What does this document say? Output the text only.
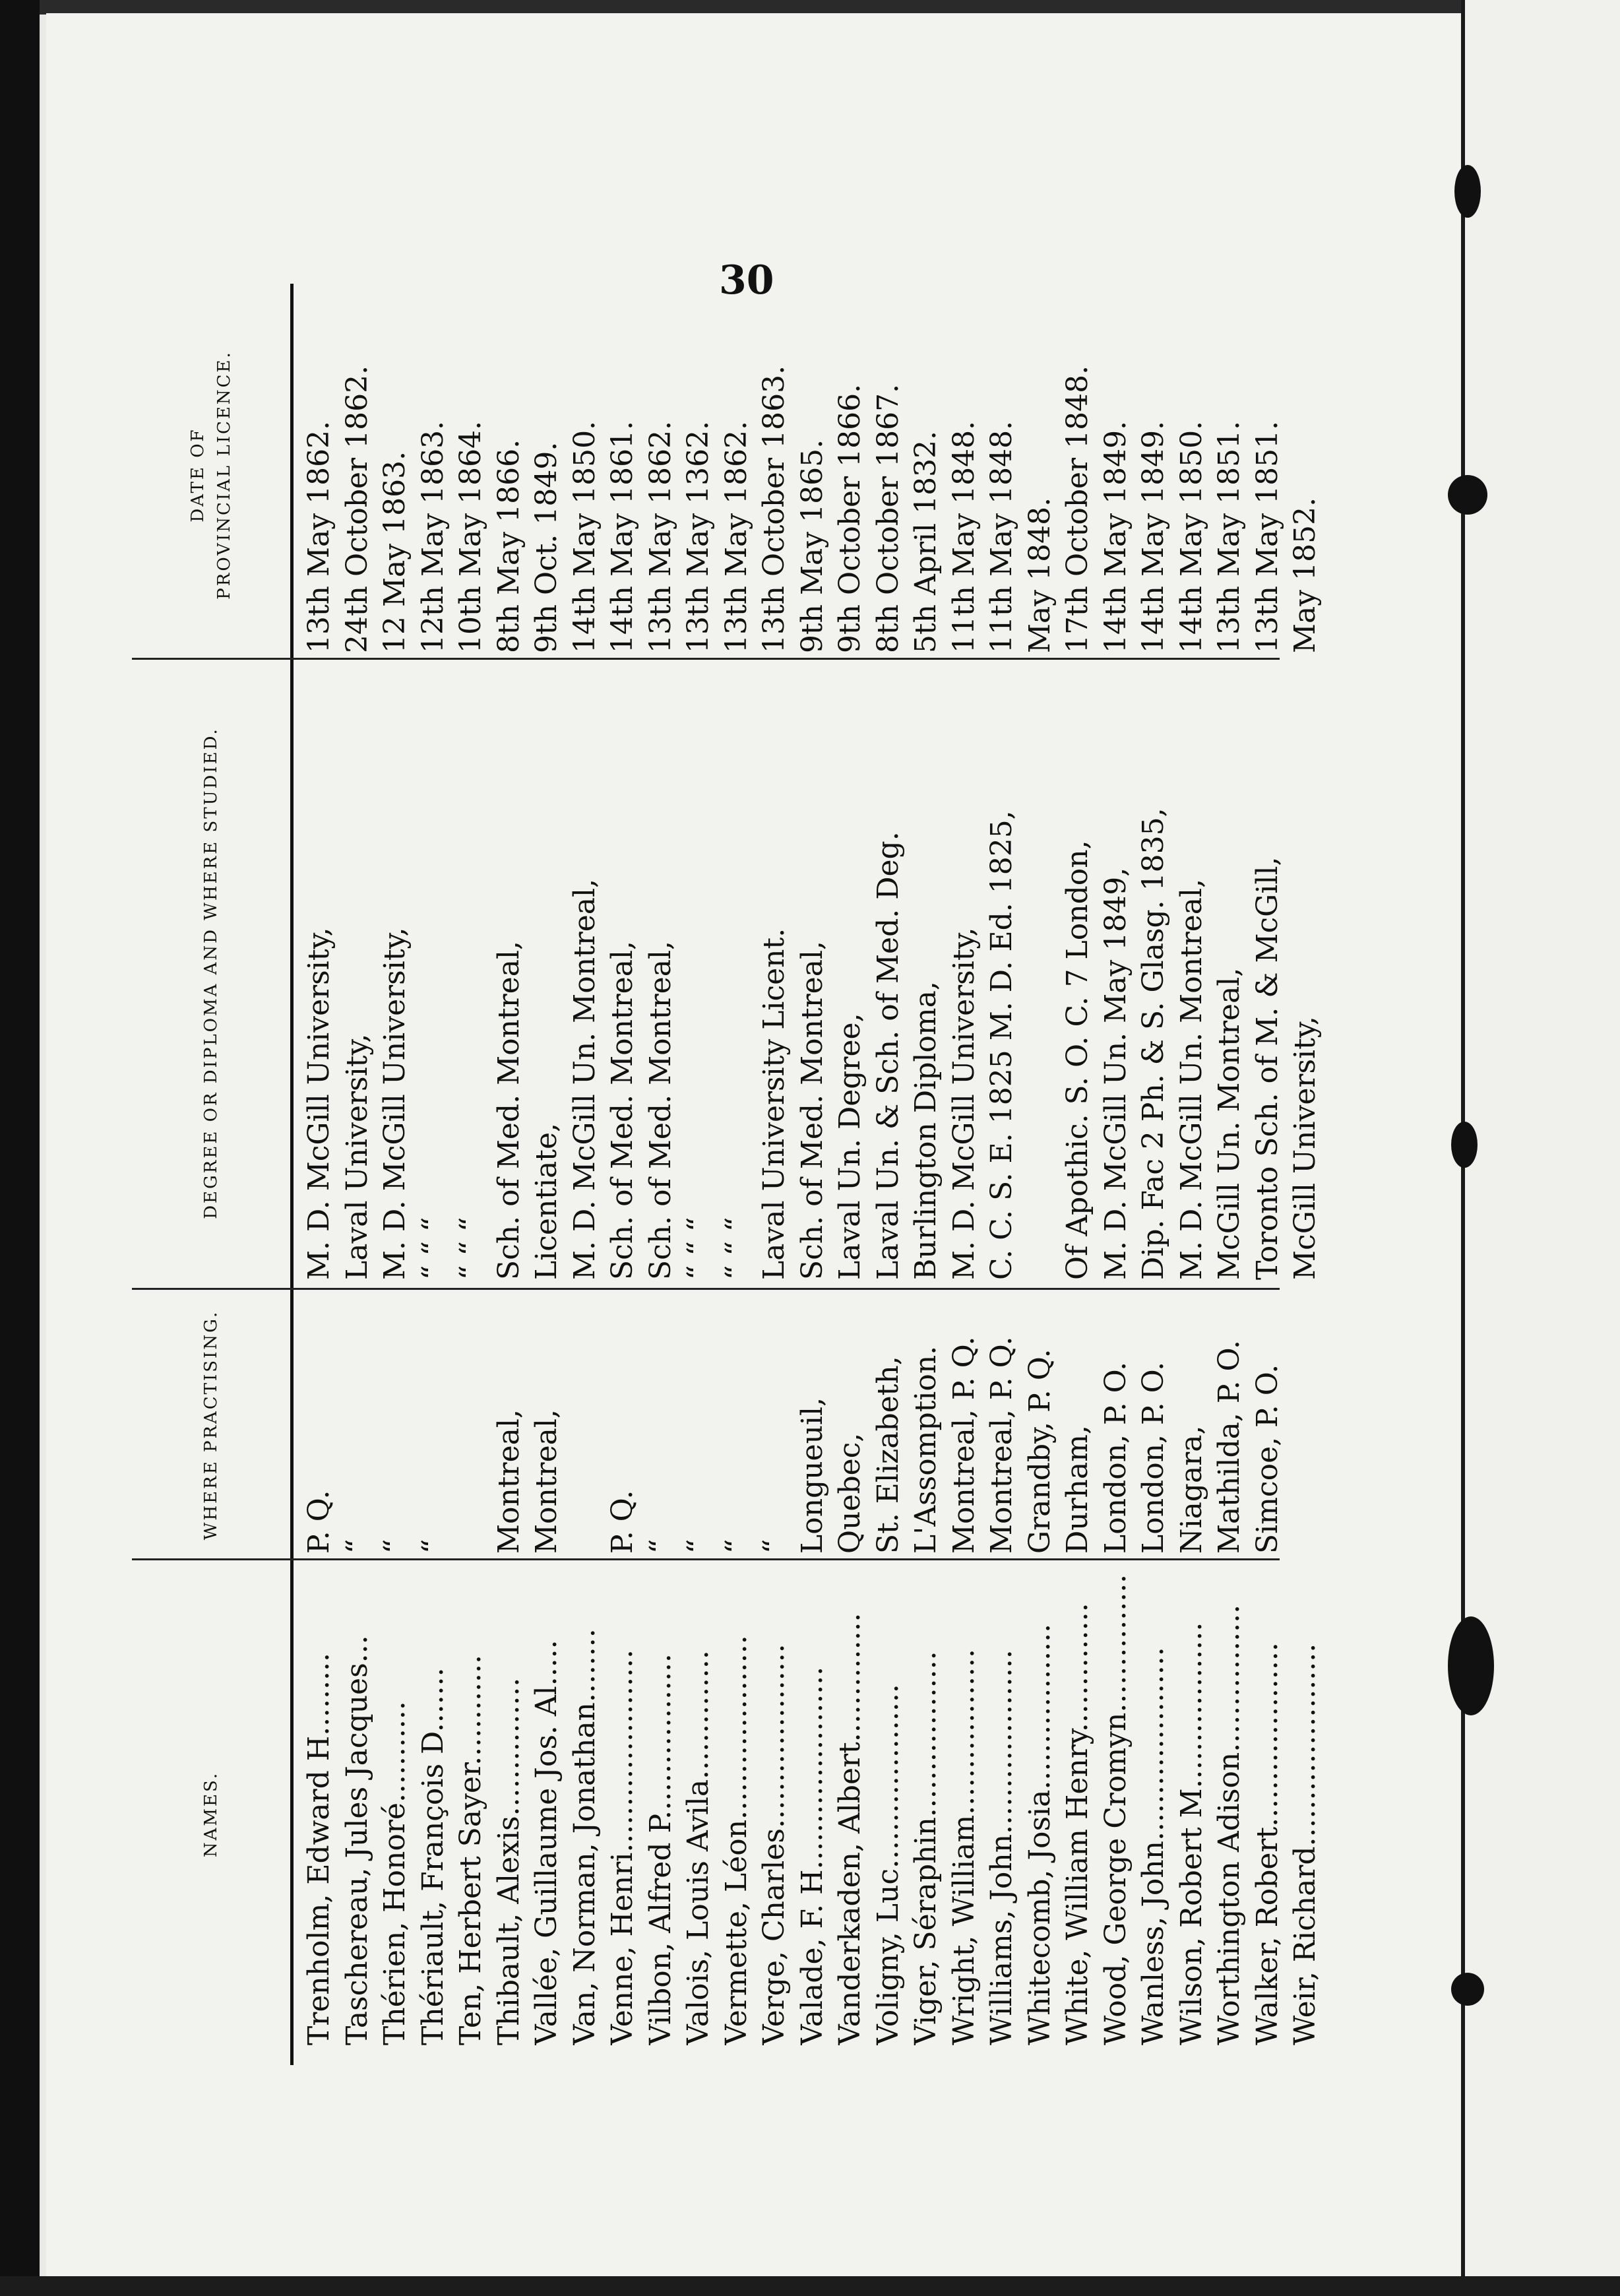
30
NAMES.
WHERE PRACTISING.
DEGREE OR DIPLOMA AND WHERE STUDIED.
DATE OF PROVINCIAL LICENCE.
Trenholm, Edward H.........
P. Q.
M. D. McGill University,
13th May 1862.
Taschereau, Jules Jacques...
“
Laval University,
24th October 1862.
Thérien, Honoré...........
“
M. D. McGill University,
12 May 1863.
Thériault, François D.......
“
“ “ “
12th May 1863.
Ten, Herbert Sayer............
“ “ “
10th May 1864.
Thibault, Alexis...............
Montreal,
Sch. of Med. Montreal,
8th May 1866.
Vallée, Guillaume Jos. Al.....
Montreal,
Licentiate,
9th Oct. 1849.
Van, Norman, Jonathan........
M. D. McGill Un. Montreal,
14th May 1850.
Venne, Henri......................
P. Q.
Sch. of Med. Montreal,
14th May 1861.
Vilbon, Alfred P..................
“
Sch. of Med. Montreal,
13th May 1862.
Valois, Louis Avila..............
“
“ “ “
13th May 1362.
Vermette, Léon....................
“
“ “ “
13th May 1862.
Verge, Charles....................
“
Laval University Licent.
13th October 1863.
Valade, F. H......................
Longueuil,
Sch. of Med. Montreal,
9th May 1865.
Vanderkaden, Albert..............
Quebec,
Laval Un. Degree,
9th October 1866.
Voligny, Luc....................
St. Elizabeth,
Laval Un. & Sch. of Med. Deg.
8th October 1867.
Viger, Séraphin..................
L'Assomption.
Burlington Diploma,
5th April 1832.
Wright, William..................
Montreal, P. Q.
M. D. McGill University,
11th May 1848.
Williams, John....................
Montreal, P. Q.
C. C. S. E. 1825 M. D. Ed. 1825,
11th May 1848.
Whitecomb, Josia..................
Grandby, P. Q.
May 1848.
White, William Henry..............
Durham,
Of Apothic. S. O. C. 7 London,
17th October 1848.
Wood, George Cromyn...............
London, P. O.
M. D. McGill Un. May 1849,
14th May 1849.
Wanless, John.....................
London, P. O.
Dip. Fac 2 Ph. & S. Glasg. 1835,
14th May 1849.
Wilson, Robert M..................
Niagara,
M. D. McGill Un. Montreal,
14th May 1850.
Worthington Adison................
Mathilda, P. O.
McGill Un. Montreal,
13th May 1851.
Walker, Robert....................
Simcoe, P. O.
Toronto Sch. of M. & McGill,
13th May 1851.
Weir, Richard......................
McGill University,
May 1852.
